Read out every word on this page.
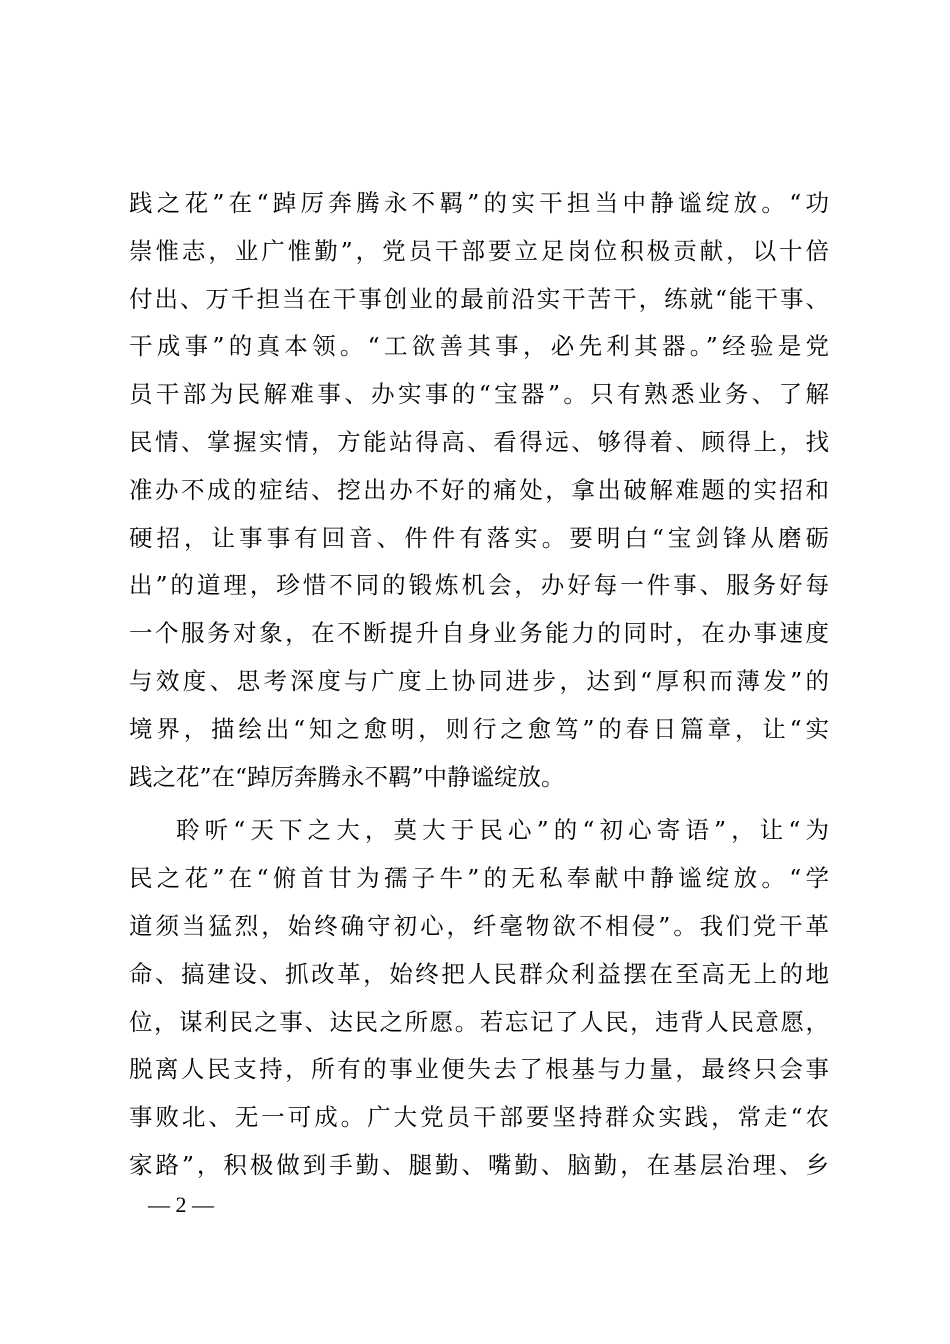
践之花”在“踔厉奔腾永不羁”的实干担当中静谧绽放。“功
崇惟志，业广惟勤”，党员干部要立足岗位积极贡献，以十倍
付出、万千担当在干事创业的最前沿实干苦干，练就“能干事、
干成事”的真本领。“工欲善其事，必先利其器。”经验是党
员干部为民解难事、办实事的“宝器”。只有熟悉业务、了解
民情、掌握实情，方能站得高、看得远、够得着、顾得上，找
准办不成的症结、挖出办不好的痛处，拿出破解难题的实招和
硬招，让事事有回音、件件有落实。要明白“宝剑锋从磨砺
出”的道理，珍惜不同的锻炼机会，办好每一件事、服务好每
一个服务对象，在不断提升自身业务能力的同时，在办事速度
与效度、思考深度与广度上协同进步，达到“厚积而薄发”的
境界，描绘出“知之愈明，则行之愈笃”的春日篇章，让“实
践之花”在“踔厉奔腾永不羁”中静谧绽放。
聆听“天下之大，莫大于民心”的“初心寄语”，让“为
民之花”在“俯首甘为孺子牛”的无私奉献中静谧绽放。“学
道须当猛烈，始终确守初心，纤毫物欲不相侵”。我们党干革
命、搞建设、抓改革，始终把人民群众利益摆在至高无上的地
位，谋利民之事、达民之所愿。若忘记了人民，违背人民意愿，
脱离人民支持，所有的事业便失去了根基与力量，最终只会事
事败北、无一可成。广大党员干部要坚持群众实践，常走“农
家路”，积极做到手勤、腿勤、嘴勤、脑勤，在基层治理、乡
— 2 —
